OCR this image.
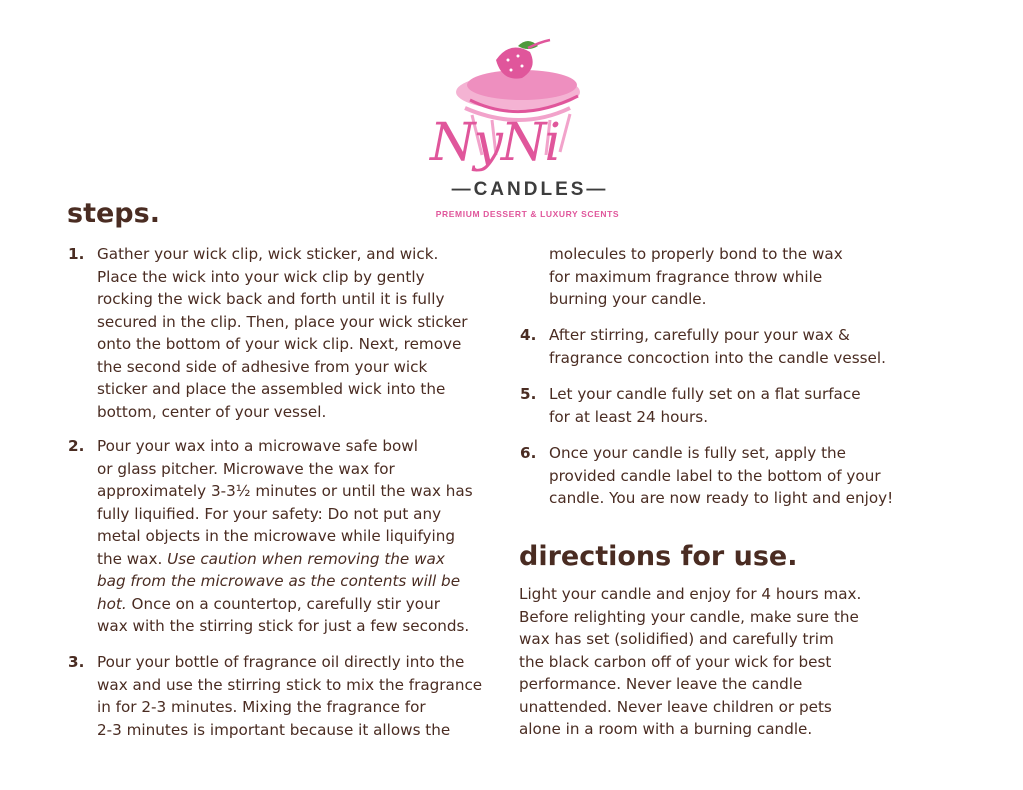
NyNi
—CANDLES—
PREMIUM DESSERT & LUXURY SCENTS
steps.
1. Gather your wick clip, wick sticker, and wick.
Place the wick into your wick clip by gently
rocking the wick back and forth until it is fully
secured in the clip. Then, place your wick sticker
onto the bottom of your wick clip. Next, remove
the second side of adhesive from your wick
sticker and place the assembled wick into the
bottom, center of your vessel.
2. Pour your wax into a microwave safe bowl
or glass pitcher. Microwave the wax for
approximately 3-3½ minutes or until the wax has
fully liquified. For your safety: Do not put any
metal objects in the microwave while liquifying
the wax. Use caution when removing the wax
bag from the microwave as the contents will be
hot. Once on a countertop, carefully stir your
wax with the stirring stick for just a few seconds.
3. Pour your bottle of fragrance oil directly into the
wax and use the stirring stick to mix the fragrance
in for 2-3 minutes. Mixing the fragrance for
2-3 minutes is important because it allows the
molecules to properly bond to the wax
for maximum fragrance throw while
burning your candle.
4. After stirring, carefully pour your wax &
fragrance concoction into the candle vessel.
5. Let your candle fully set on a flat surface
for at least 24 hours.
6. Once your candle is fully set, apply the
provided candle label to the bottom of your
candle. You are now ready to light and enjoy!
directions for use.

Light your candle and enjoy for 4 hours max.
Before relighting your candle, make sure the
wax has set (solidified) and carefully trim
the black carbon off of your wick for best
performance. Never leave the candle
unattended. Never leave children or pets
alone in a room with a burning candle.
